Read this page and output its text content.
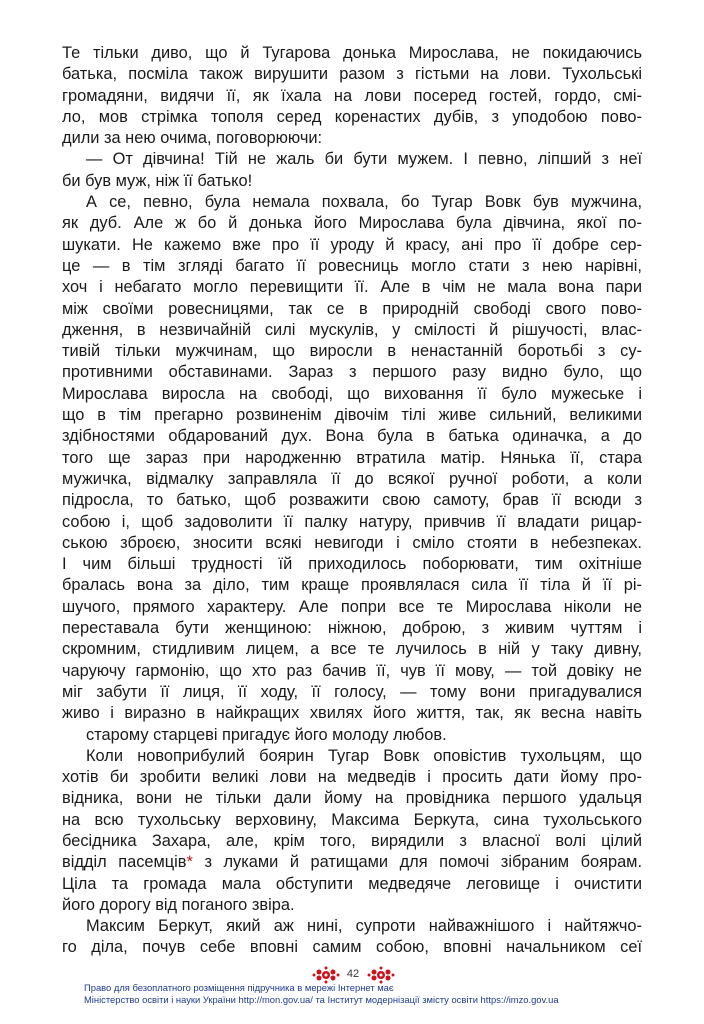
Те тільки диво, що й Тугарова донька Мирослава, не покидаючись
батька, посміла також вирушити разом з гістьми на лови. Тухольські
громадяни, видячи її, як їхала на лови посеред гостей, гордо, смі-
ло, мов стрімка тополя серед коренастих дубів, з уподобою пово-
дили за нею очима, поговорюючи:
— От дівчина! Тій не жаль би бути мужем. І певно, ліпший з неї
би був муж, ніж її батько!
А се, певно, була немала похвала, бо Тугар Вовк був мужчина,
як дуб. Але ж бо й донька його Мирослава була дівчина, якої по-
шукати. Не кажемо вже про її уроду й красу, ані про її добре сер-
це — в тім згляді багато її ровесниць могло стати з нею нарівні,
хоч і небагато могло перевищити її. Але в чім не мала вона пари
між своїми ровесницями, так се в природній свободі свого пово-
дження, в незвичайній силі мускулів, у смілості й рішучості, влас-
тивій тільки мужчинам, що виросли в ненастанній боротьбі з су-
противними обставинами. Зараз з першого разу видно було, що
Мирослава виросла на свободі, що виховання її було мужеське і
що в тім прегарно розвиненім дівочім тілі живе сильний, великими
здібностями обдарований дух. Вона була в батька одиначка, а до
того ще зараз при народженню втратила матір. Нянька її, стара
мужичка, відмалку заправляла її до всякої ручної роботи, а коли
підросла, то батько, щоб розважити свою самоту, брав її всюди з
собою і, щоб задоволити її палку натуру, привчив її владати рицар-
ською зброєю, зносити всякі невигоди і сміло стояти в небезпеках.
І чим більші трудності їй приходилось поборювати, тим охітніше
бралась вона за діло, тим краще проявлялася сила її тіла й її рі-
шучого, прямого характеру. Але попри все те Мирослава ніколи не
переставала бути женщиною: ніжною, доброю, з живим чуттям і
скромним, стидливим лицем, а все те лучилось в ній у таку дивну,
чаруючу гармонію, що хто раз бачив її, чув її мову, — той довіку не
міг забути її лиця, її ходу, її голосу, — тому вони пригадувалися
живо і виразно в найкращих хвилях його життя, так, як весна навіть
старому старцеві пригадує його молоду любов.
Коли новоприбулий боярин Тугар Вовк оповістив тухольцям, що
хотів би зробити великі лови на медведів і просить дати йому про-
відника, вони не тільки дали йому на провідника першого удальця
на всю тухольську верховину, Максима Беркута, сина тухольського
бесідника Захара, але, крім того, вирядили з власної волі цілий
відділ пасемців* з луками й ратищами для помочі зібраним боярам.
Ціла та громада мала обступити медведяче леговище і очистити
його дорогу від поганого звіра.
Максим Беркут, який аж нині, супроти найважнішого і найтяжчо-
го діла, почув себе вповні самим собою, вповні начальником сеї
42
Право для безоплатного розміщення підручника в мережі Інтернет має
Міністерство освіти і науки України http://mon.gov.ua/ та Інститут модернізації змісту освіти https://imzo.gov.ua
